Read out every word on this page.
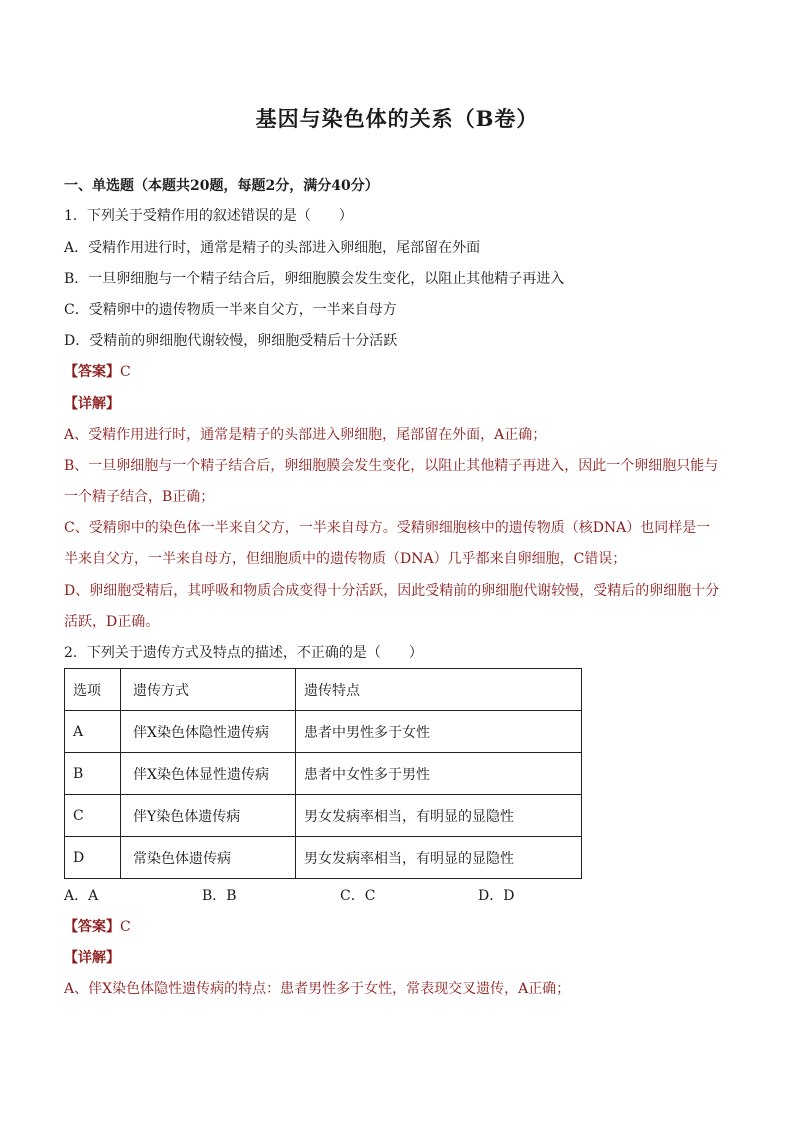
基因与染色体的关系（B卷）
一、单选题（本题共20题，每题2分，满分40分）
1．下列关于受精作用的叙述错误的是（　　）
A．受精作用进行时，通常是精子的头部进入卵细胞，尾部留在外面
B．一旦卵细胞与一个精子结合后，卵细胞膜会发生变化，以阻止其他精子再进入
C．受精卵中的遗传物质一半来自父方，一半来自母方
D．受精前的卵细胞代谢较慢，卵细胞受精后十分活跃
【答案】C
【详解】
A、受精作用进行时，通常是精子的头部进入卵细胞，尾部留在外面，A正确；
B、一旦卵细胞与一个精子结合后，卵细胞膜会发生变化，以阻止其他精子再进入，因此一个卵细胞只能与
一个精子结合，B正确；
C、受精卵中的染色体一半来自父方，一半来自母方。受精卵细胞核中的遗传物质（核DNA）也同样是一
半来自父方，一半来自母方，但细胞质中的遗传物质（DNA）几乎都来自卵细胞，C错误；
D、卵细胞受精后，其呼吸和物质合成变得十分活跃，因此受精前的卵细胞代谢较慢，受精后的卵细胞十分
活跃，D正确。
2．下列关于遗传方式及特点的描述，不正确的是（　　）
选项	遗传方式	遗传特点
A	伴X染色体隐性遗传病	患者中男性多于女性
B	伴X染色体显性遗传病	患者中女性多于男性
C	伴Y染色体遗传病	男女发病率相当，有明显的显隐性
D	常染色体遗传病	男女发病率相当，有明显的显隐性
A．A	B．B	C．C	D．D
【答案】C
【详解】
A、伴X染色体隐性遗传病的特点：患者男性多于女性，常表现交叉遗传，A正确；
